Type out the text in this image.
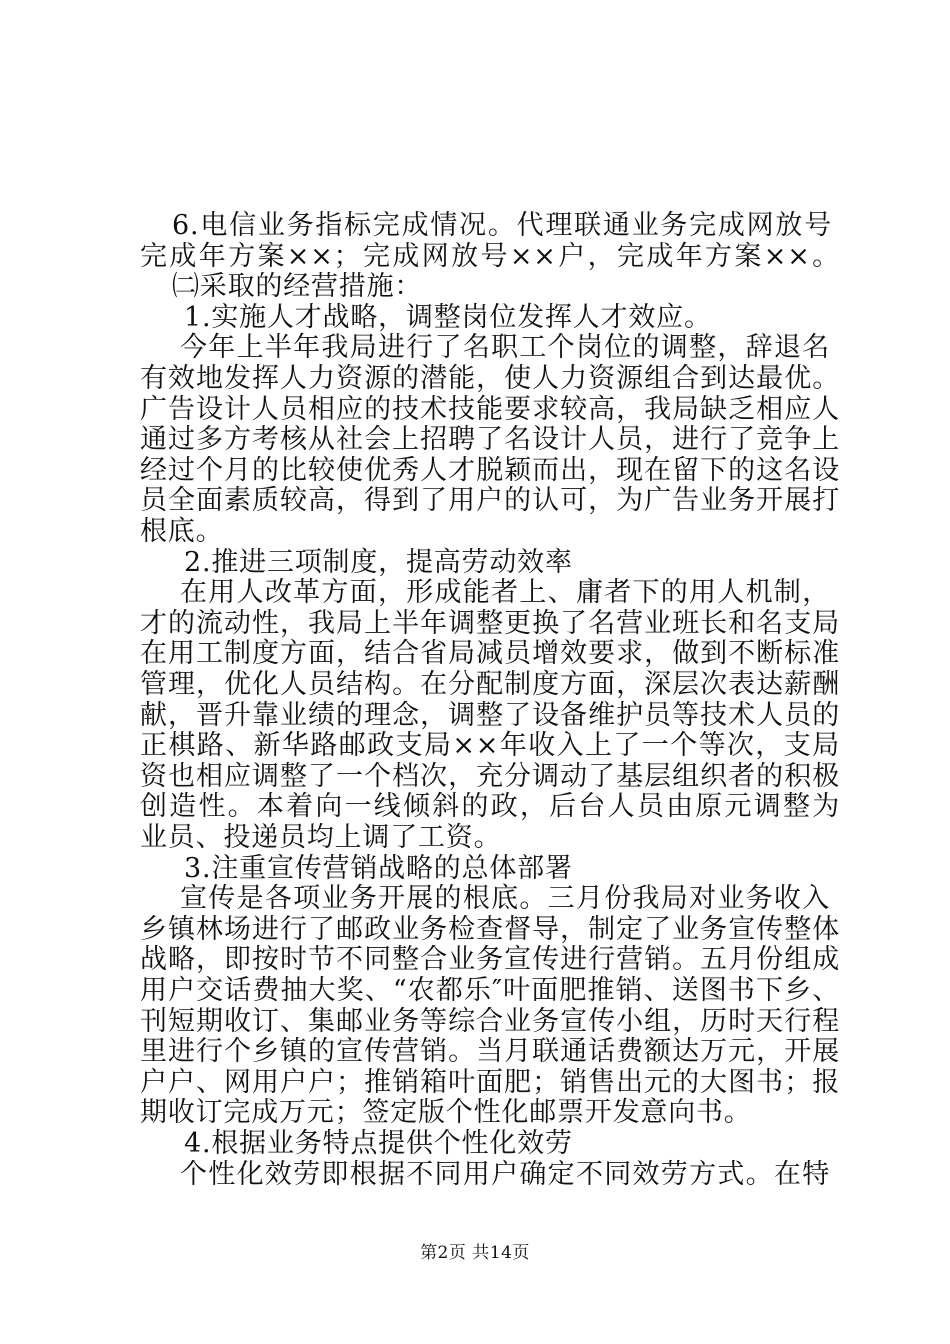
6.电信业务指标完成情况。代理联通业务完成网放号
完成年方案××；完成网放号××户，完成年方案××。
㈡采取的经营措施：
1.实施人才战略，调整岗位发挥人才效应。
今年上半年我局进行了名职工个岗位的调整，辞退名
有效地发挥人力资源的潜能，使人力资源组合到达最优。
广告设计人员相应的技术技能要求较高，我局缺乏相应人
通过多方考核从社会上招聘了名设计人员，进行了竞争上
经过个月的比较使优秀人才脱颖而出，现在留下的这名设
员全面素质较高，得到了用户的认可，为广告业务开展打
根底。
2.推进三项制度，提高劳动效率
在用人改革方面，形成能者上、庸者下的用人机制，
才的流动性，我局上半年调整更换了名营业班长和名支局
在用工制度方面，结合省局减员增效要求，做到不断标准
管理，优化人员结构。在分配制度方面，深层次表达薪酬
献，晋升靠业绩的理念，调整了设备维护员等技术人员的
正棋路、新华路邮政支局××年收入上了一个等次，支局
资也相应调整了一个档次，充分调动了基层组织者的积极
创造性。本着向一线倾斜的政，后台人员由原元调整为
业员、投递员均上调了工资。
3.注重宣传营销战略的总体部署
宣传是各项业务开展的根底。三月份我局对业务收入
乡镇林场进行了邮政业务检查督导，制定了业务宣传整体
战略，即按时节不同整合业务宣传进行营销。五月份组成
用户交话费抽大奖、“农都乐″叶面肥推销、送图书下乡、
刊短期收订、集邮业务等综合业务宣传小组，历时天行程
里进行个乡镇的宣传营销。当月联通话费额达万元，开展
户户、网用户户；推销箱叶面肥；销售出元的大图书；报
期收订完成万元；签定版个性化邮票开发意向书。
4.根据业务特点提供个性化效劳
个性化效劳即根据不同用户确定不同效劳方式。在特
第2页 共14页
